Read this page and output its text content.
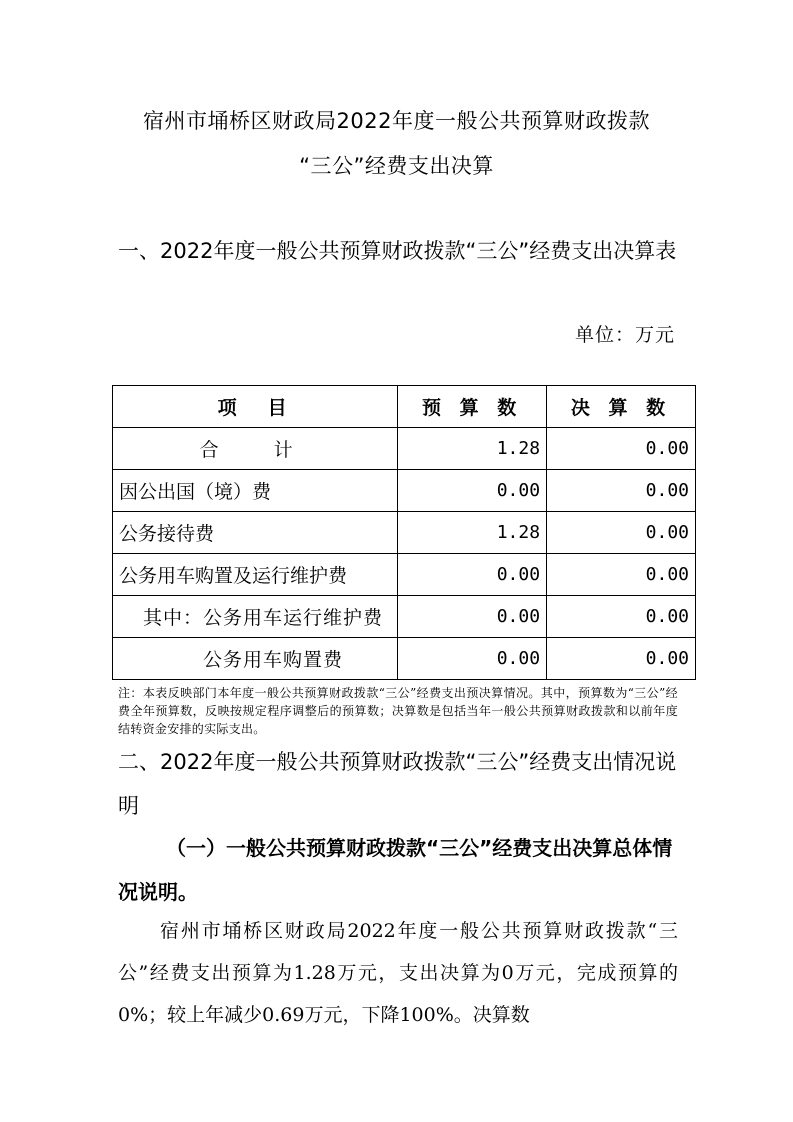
宿州市埇桥区财政局2022年度一般公共预算财政拨款
“三公”经费支出决算
一、2022年度一般公共预算财政拨款“三公”经费支出决算表
单位：万元
项　目	预 算 数	决 算 数
合　计	1.28	0.00
因公出国（境）费	0.00	0.00
公务接待费	1.28	0.00
公务用车购置及运行维护费	0.00	0.00
其中：公务用车运行维护费	0.00	0.00
公务用车购置费	0.00	0.00
注：本表反映部门本年度一般公共预算财政拨款“三公”经费支出预决算情况。其中，预算数为“三公”经费全年预算数，反映按规定程序调整后的预算数；决算数是包括当年一般公共预算财政拨款和以前年度结转资金安排的实际支出。
二、2022年度一般公共预算财政拨款“三公”经费支出情况说明
（一）一般公共预算财政拨款“三公”经费支出决算总体情况说明。
宿州市埇桥区财政局2022年度一般公共预算财政拨款“三公”经费支出预算为1.28万元，支出决算为0万元，完成预算的0%；较上年减少0.69万元，下降100%。决算数
